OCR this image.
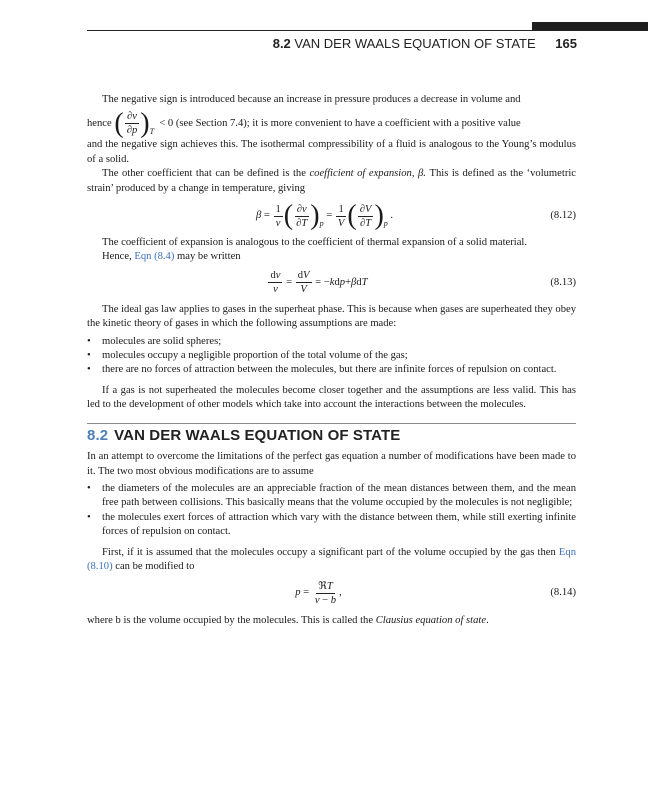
8.2 VAN DER WAALS EQUATION OF STATE 165

The negative sign is introduced because an increase in pressure produces a decrease in volume and

hence
( $\frac{\partial v}{\partial p}$ ) T

< 0 (see Section 7.4); it is more convenient to have a coefficient with a positive value

and the negative sign achieves this. The isothermal compressibility of a fluid is analogous to the Young’s modulus of a solid.

The other coefficient that can be defined is the coefficient of expansion, β. This is defined as the ‘volumetric strain’ produced by a change in temperature, giving

$\beta = \frac{1}{v}$ ( $\frac{\partial v}{\partial T}$ ) p
= $\frac{1}{V}$ ( $\frac{\partial V}{\partial T}$ ) p
.	(8.12)

The coefficient of expansion is analogous to the coefficient of thermal expansion of a solid material.

Hence, Eqn (8.4) may be written

$\frac{dv}{v} = \frac{dV}{V}$ = − k d p + β d T	(8.13)

The ideal gas law applies to gases in the superheat phase. This is because when gases are superheated they obey the kinetic theory of gases in which the following assumptions are made:

• molecules are solid spheres;
• molecules occupy a negligible proportion of the total volume of the gas;
• there are no forces of attraction between the molecules, but there are infinite forces of repulsion on contact.

If a gas is not superheated the molecules become closer together and the assumptions are less valid. This has led to the development of other models which take into account the interactions between the molecules.

8.2 VAN DER WAALS EQUATION OF STATE

In an attempt to overcome the limitations of the perfect gas equation a number of modifications have been made to it. The two most obvious modifications are to assume

• the diameters of the molecules are an appreciable fraction of the mean distances between them, and the mean free path between collisions. This basically means that the volume occupied by the molecules is not negligible;
• the molecules exert forces of attraction which vary with the distance between them, while still exerting infinite forces of repulsion on contact.

First, if it is assumed that the molecules occupy a significant part of the volume occupied by the gas then Eqn (8.10) can be modified to

$p = \frac{\text{ℜT}}{v - b}$ ,	(8.14)

where b is the volume occupied by the molecules. This is called the Clausius equation of state.
